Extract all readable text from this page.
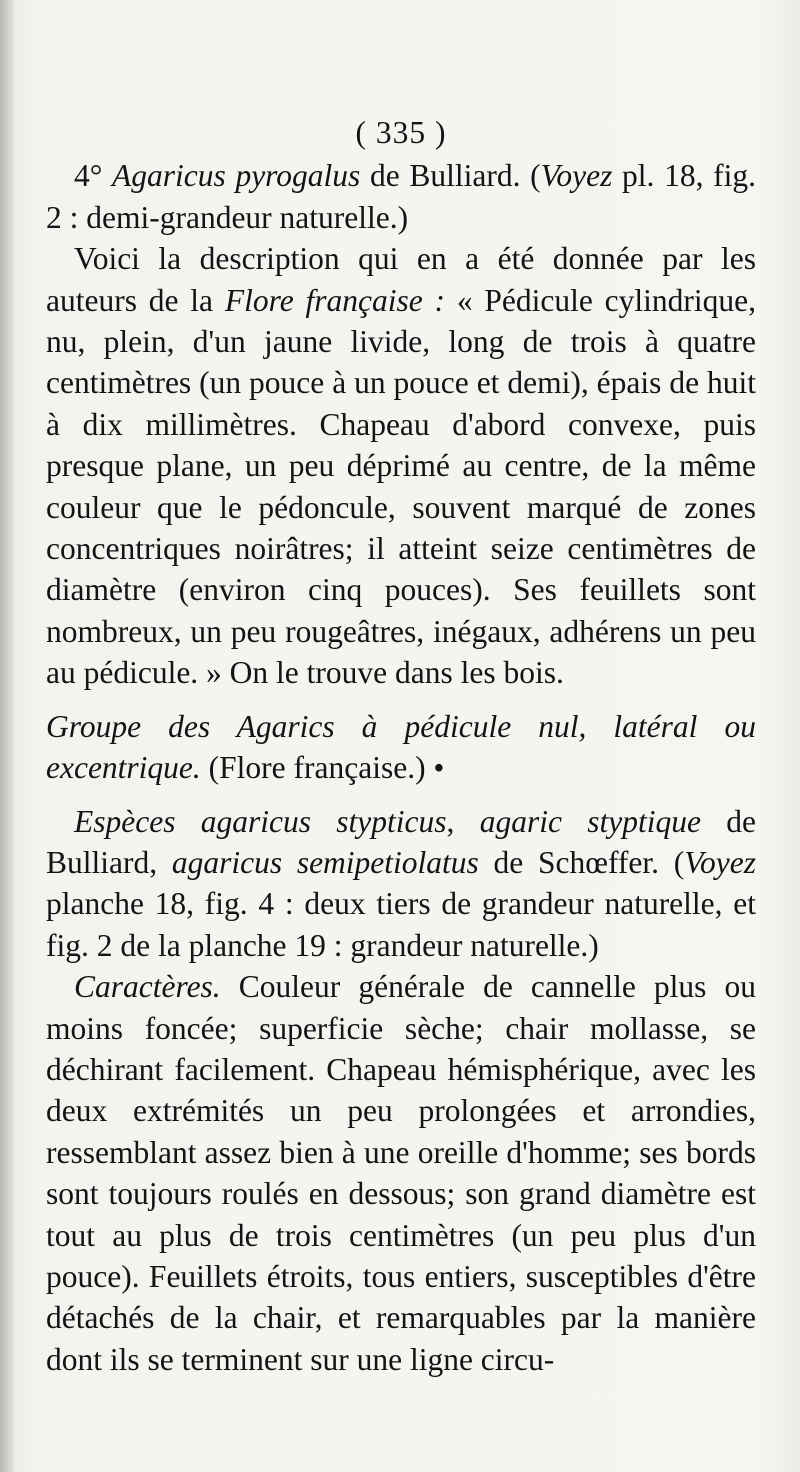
( 335 )

4° Agaricus pyrogalus de Bulliard. (Voyez pl. 18, fig. 2 : demi-grandeur naturelle.)

Voici la description qui en a été donnée par les auteurs de la Flore française : « Pédicule cylindrique, nu, plein, d'un jaune livide, long de trois à quatre centimètres (un pouce à un pouce et demi), épais de huit à dix millimètres. Chapeau d'abord convexe, puis presque plane, un peu déprimé au centre, de la même couleur que le pédoncule, souvent marqué de zones concentriques noirâtres; il atteint seize centimètres de diamètre (environ cinq pouces). Ses feuillets sont nombreux, un peu rougeâtres, inégaux, adhérens un peu au pédicule. » On le trouve dans les bois.

Groupe des Agarics à pédicule nul, latéral ou excentrique. (Flore française.) •

Espèces agaricus stypticus, agaric styptique de Bulliard, agaricus semipetiolatus de Schœffer. (Voyez planche 18, fig. 4 : deux tiers de grandeur naturelle, et fig. 2 de la planche 19 : grandeur naturelle.)

Caractères. Couleur générale de cannelle plus ou moins foncée; superficie sèche; chair mollasse, se déchirant facilement. Chapeau hémisphérique, avec les deux extrémités un peu prolongées et arrondies, ressemblant assez bien à une oreille d'homme; ses bords sont toujours roulés en dessous; son grand diamètre est tout au plus de trois centimètres (un peu plus d'un pouce). Feuillets étroits, tous entiers, susceptibles d'être détachés de la chair, et remarquables par la manière dont ils se terminent sur une ligne circu-
